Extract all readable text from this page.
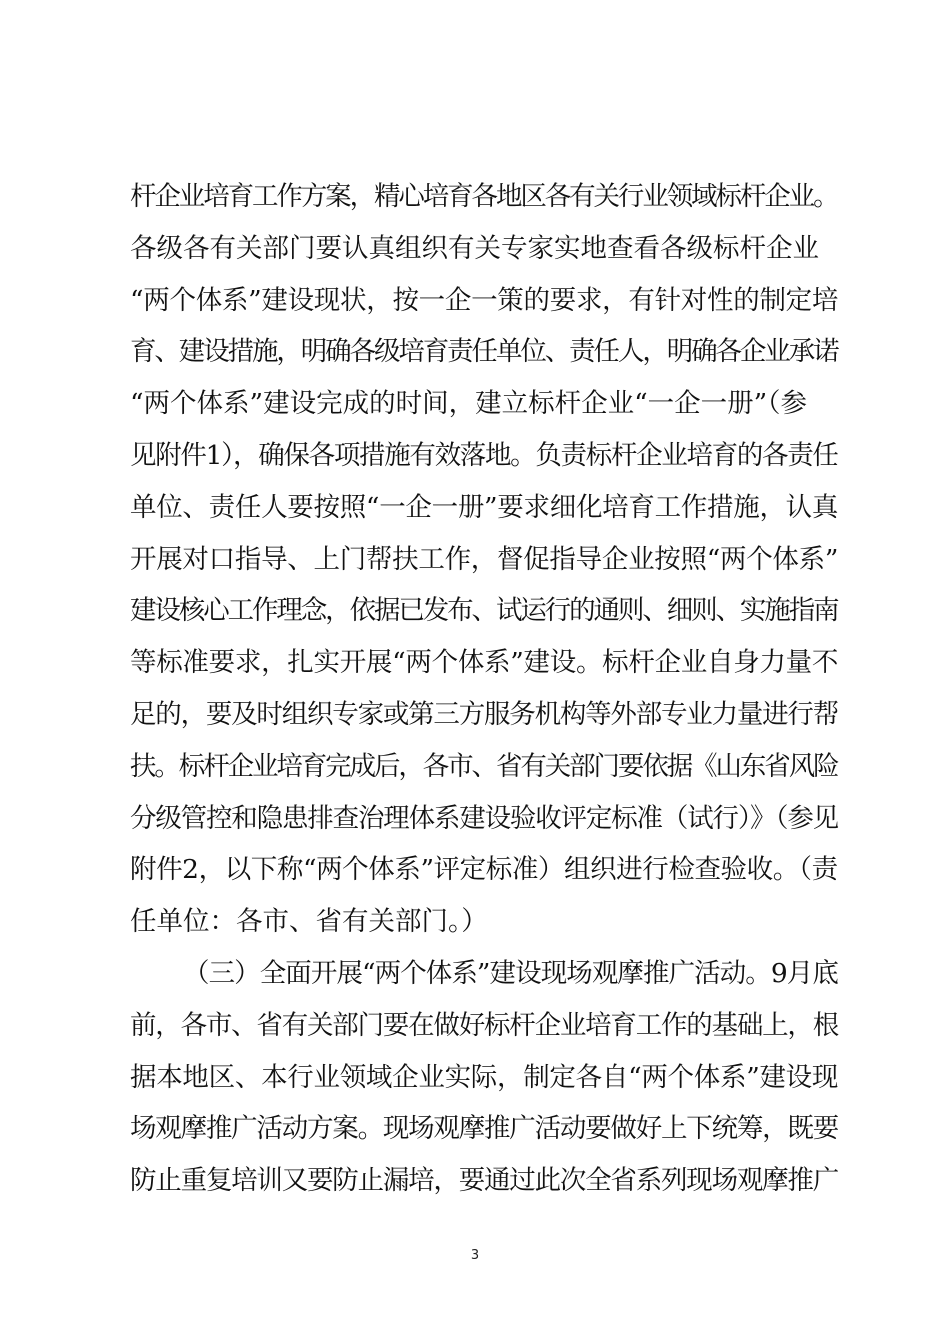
杆企业培育工作方案，精心培育各地区各有关行业领域标杆企业。
各级各有关部门要认真组织有关专家实地查看各级标杆企业
“两个体系”建设现状，按一企一策的要求，有针对性的制定培
育、建设措施，明确各级培育责任单位、责任人，明确各企业承诺
“两个体系”建设完成的时间，建立标杆企业“一企一册”（参
见附件1），确保各项措施有效落地。负责标杆企业培育的各责任
单位、责任人要按照“一企一册”要求细化培育工作措施，认真
开展对口指导、上门帮扶工作，督促指导企业按照“两个体系”
建设核心工作理念，依据已发布、试运行的通则、细则、实施指南
等标准要求，扎实开展“两个体系”建设。标杆企业自身力量不
足的，要及时组织专家或第三方服务机构等外部专业力量进行帮
扶。标杆企业培育完成后，各市、省有关部门要依据《山东省风险
分级管控和隐患排查治理体系建设验收评定标准（试行）》（参见
附件2，以下称“两个体系”评定标准）组织进行检查验收。（责
任单位：各市、省有关部门。）
（三）全面开展“两个体系”建设现场观摩推广活动。9月底
前，各市、省有关部门要在做好标杆企业培育工作的基础上，根
据本地区、本行业领域企业实际，制定各自“两个体系”建设现
场观摩推广活动方案。现场观摩推广活动要做好上下统筹，既要
防止重复培训又要防止漏培，要通过此次全省系列现场观摩推广
3
